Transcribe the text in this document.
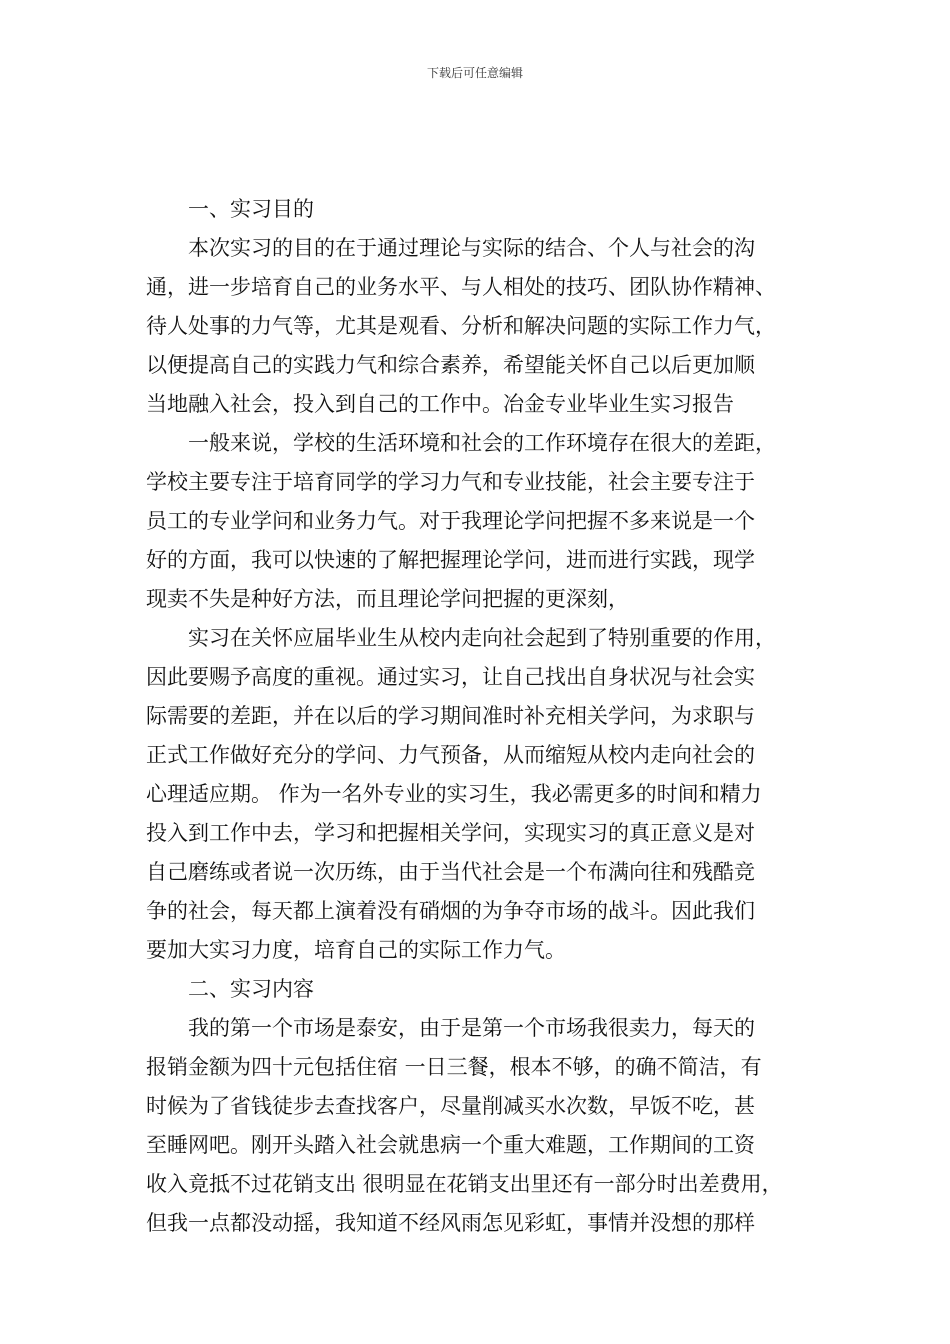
下载后可任意编辑
一、实习目的
本次实习的目的在于通过理论与实际的结合、个人与社会的沟
通，进一步培育自己的业务水平、与人相处的技巧、团队协作精神、
待人处事的力气等，尤其是观看、分析和解决问题的实际工作力气，
以便提高自己的实践力气和综合素养，希望能关怀自己以后更加顺
当地融入社会，投入到自己的工作中。冶金专业毕业生实习报告
一般来说，学校的生活环境和社会的工作环境存在很大的差距，
学校主要专注于培育同学的学习力气和专业技能，社会主要专注于
员工的专业学问和业务力气。对于我理论学问把握不多来说是一个
好的方面，我可以快速的了解把握理论学问，进而进行实践，现学
现卖不失是种好方法，而且理论学问把握的更深刻，
实习在关怀应届毕业生从校内走向社会起到了特别重要的作用，
因此要赐予高度的重视。通过实习，让自己找出自身状况与社会实
际需要的差距，并在以后的学习期间准时补充相关学问，为求职与
正式工作做好充分的学问、力气预备，从而缩短从校内走向社会的
心理适应期。 作为一名外专业的实习生，我必需更多的时间和精力
投入到工作中去，学习和把握相关学问，实现实习的真正意义是对
自己磨练或者说一次历练，由于当代社会是一个布满向往和残酷竞
争的社会，每天都上演着没有硝烟的为争夺市场的战斗。因此我们
要加大实习力度，培育自己的实际工作力气。
二、实习内容
我的第一个市场是泰安，由于是第一个市场我很卖力，每天的
报销金额为四十元包括住宿 一日三餐，根本不够，的确不简洁，有
时候为了省钱徒步去查找客户，尽量削减买水次数，早饭不吃，甚
至睡网吧。刚开头踏入社会就患病一个重大难题，工作期间的工资
收入竟抵不过花销支出 很明显在花销支出里还有一部分时出差费用，
但我一点都没动摇，我知道不经风雨怎见彩虹，事情并没想的那样
